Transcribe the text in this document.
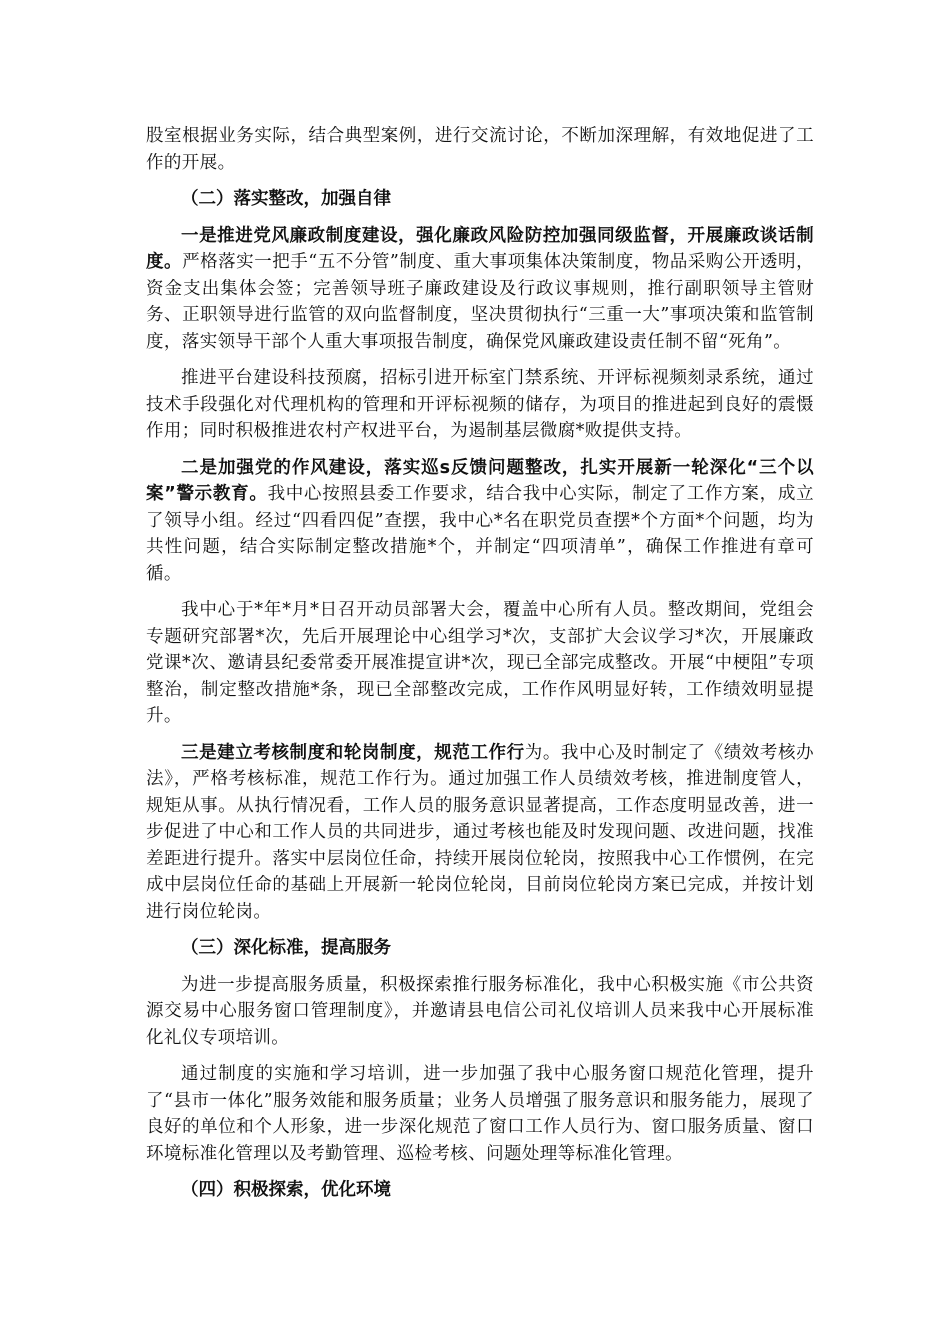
股室根据业务实际，结合典型案例，进行交流讨论，不断加深理解，有效地促进了工作的开展。

（二）落实整改，加强自律

一是推进党风廉政制度建设，强化廉政风险防控加强同级监督，开展廉政谈话制度。严格落实一把手“五不分管”制度、重大事项集体决策制度，物品采购公开透明，资金支出集体会签；完善领导班子廉政建设及行政议事规则，推行副职领导主管财务、正职领导进行监管的双向监督制度，坚决贯彻执行“三重一大”事项决策和监管制度，落实领导干部个人重大事项报告制度，确保党风廉政建设责任制不留“死角”。

推进平台建设科技预腐，招标引进开标室门禁系统、开评标视频刻录系统，通过技术手段强化对代理机构的管理和开评标视频的储存，为项目的推进起到良好的震慑作用；同时积极推进农村产权进平台，为遏制基层微腐*败提供支持。

二是加强党的作风建设，落实巡s反馈问题整改，扎实开展新一轮深化“三个以案”警示教育。我中心按照县委工作要求，结合我中心实际，制定了工作方案，成立了领导小组。经过“四看四促”查摆，我中心*名在职党员查摆*个方面*个问题，均为共性问题，结合实际制定整改措施*个，并制定“四项清单”，确保工作推进有章可循。

我中心于*年*月*日召开动员部署大会，覆盖中心所有人员。整改期间，党组会专题研究部署*次，先后开展理论中心组学习*次，支部扩大会议学习*次，开展廉政党课*次、邀请县纪委常委开展准提宣讲*次，现已全部完成整改。开展“中梗阻”专项整治，制定整改措施*条，现已全部整改完成，工作作风明显好转，工作绩效明显提升。

三是建立考核制度和轮岗制度，规范工作行为。我中心及时制定了《绩效考核办法》，严格考核标准，规范工作行为。通过加强工作人员绩效考核，推进制度管人，规矩从事。从执行情况看，工作人员的服务意识显著提高，工作态度明显改善，进一步促进了中心和工作人员的共同进步，通过考核也能及时发现问题、改进问题，找准差距进行提升。落实中层岗位任命，持续开展岗位轮岗，按照我中心工作惯例，在完成中层岗位任命的基础上开展新一轮岗位轮岗，目前岗位轮岗方案已完成，并按计划进行岗位轮岗。

（三）深化标准，提高服务

为进一步提高服务质量，积极探索推行服务标准化，我中心积极实施《市公共资源交易中心服务窗口管理制度》，并邀请县电信公司礼仪培训人员来我中心开展标准化礼仪专项培训。

通过制度的实施和学习培训，进一步加强了我中心服务窗口规范化管理，提升了“县市一体化”服务效能和服务质量；业务人员增强了服务意识和服务能力，展现了良好的单位和个人形象，进一步深化规范了窗口工作人员行为、窗口服务质量、窗口环境标准化管理以及考勤管理、巡检考核、问题处理等标准化管理。

（四）积极探索，优化环境
